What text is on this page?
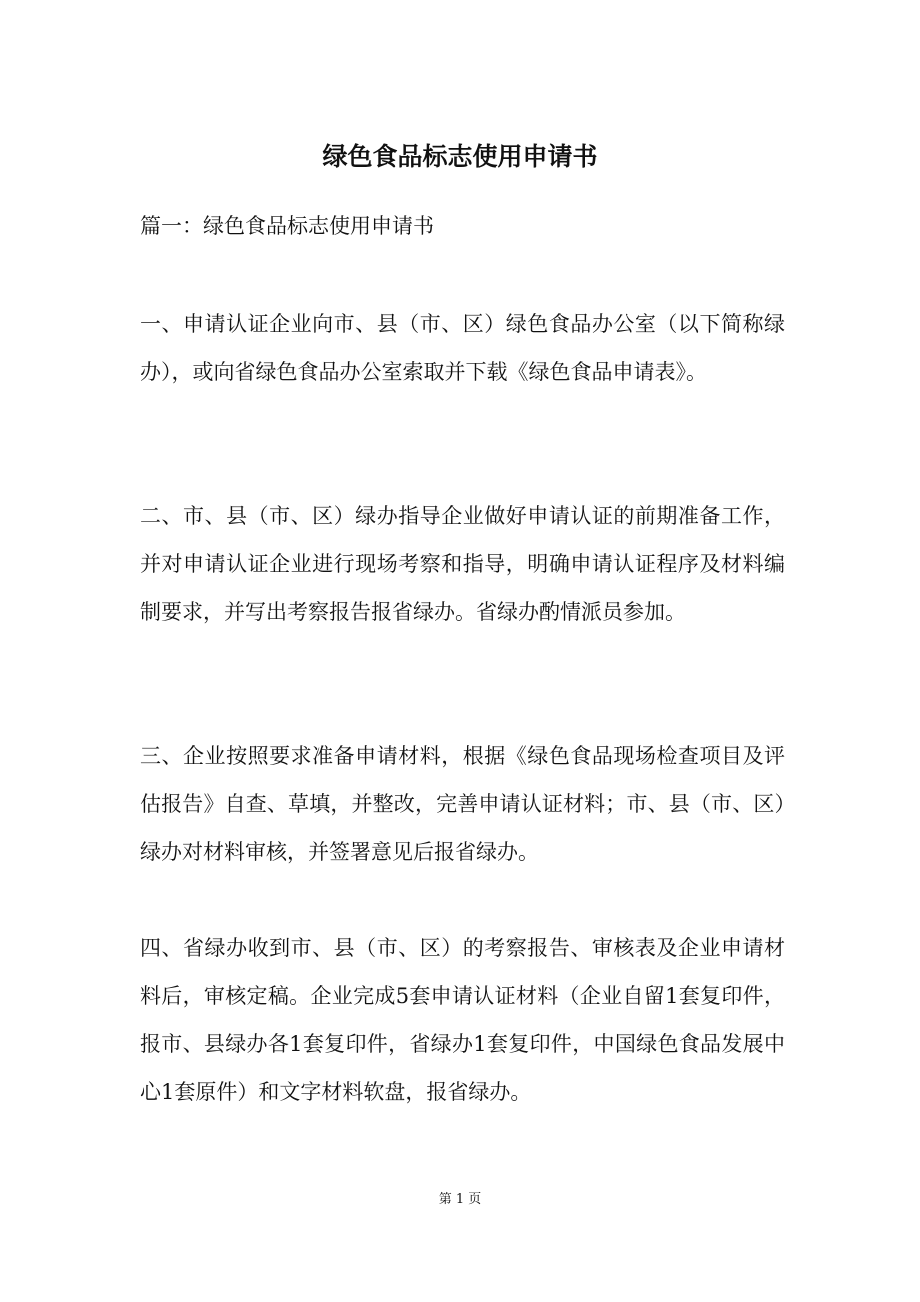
绿色食品标志使用申请书

篇一：绿色食品标志使用申请书

一、申请认证企业向市、县（市、区）绿色食品办公室（以下简称绿办），或向省绿色食品办公室索取并下载《绿色食品申请表》。

二、市、县（市、区）绿办指导企业做好申请认证的前期准备工作，并对申请认证企业进行现场考察和指导，明确申请认证程序及材料编制要求，并写出考察报告报省绿办。省绿办酌情派员参加。

三、企业按照要求准备申请材料，根据《绿色食品现场检查项目及评估报告》自查、草填，并整改，完善申请认证材料；市、县（市、区）绿办对材料审核，并签署意见后报省绿办。

四、省绿办收到市、县（市、区）的考察报告、审核表及企业申请材料后，审核定稿。企业完成5套申请认证材料（企业自留1套复印件，报市、县绿办各1套复印件，省绿办1套复印件，中国绿色食品发展中心1套原件）和文字材料软盘，报省绿办。

第 1 页
